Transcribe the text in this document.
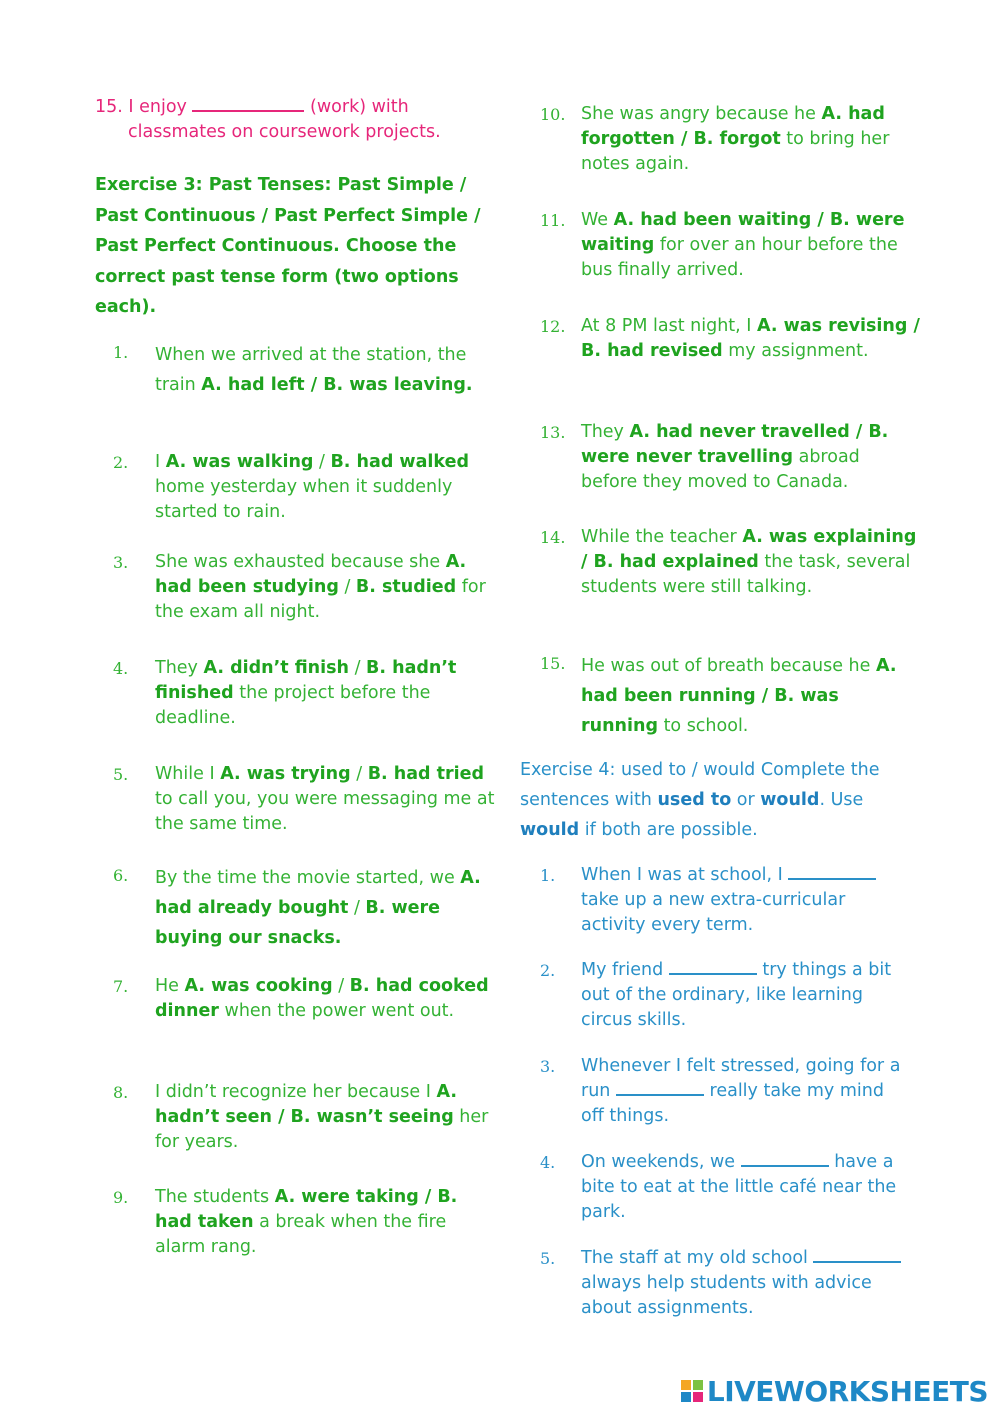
15. I enjoy	(work) with
classmates on coursework projects.
Exercise 3: Past Tenses: Past Simple / Past Continuous / Past Perfect Simple / Past Perfect Continuous. Choose the correct past tense form (two options each).
1. When we arrived at the station, the train A. had left / B. was leaving.
2. I A. was walking / B. had walked home yesterday when it suddenly started to rain.
3. She was exhausted because she A. had been studying / B. studied for the exam all night.
4. They A. didn’t finish / B. hadn’t finished the project before the deadline.
5. While I A. was trying / B. had tried to call you, you were messaging me at the same time.
6. By the time the movie started, we A. had already bought / B. were buying our snacks.
7. He A. was cooking / B. had cooked dinner when the power went out.
8. I didn’t recognize her because I A. hadn’t seen / B. wasn’t seeing her for years.
9. The students A. were taking / B. had taken a break when the fire alarm rang.
10. She was angry because he A. had forgotten / B. forgot to bring her notes again.
11. We A. had been waiting / B. were waiting for over an hour before the bus finally arrived.
12. At 8 PM last night, I A. was revising / B. had revised my assignment.
13. They A. had never travelled / B. were never travelling abroad before they moved to Canada.
14. While the teacher A. was explaining / B. had explained the task, several students were still talking.
15. He was out of breath because he A. had been running / B. was running to school.
Exercise 4: used to / would Complete the sentences with used to or would. Use would if both are possible.
1. When I was at school, I  take up a new extra-curricular activity every term.
2. My friend	try things a bit out of the ordinary, like learning circus skills.
3. Whenever I felt stressed, going for a run	really take my mind off things.
4. On weekends, we	have a bite to eat at the little café near the park.
5. The staff at my old school  always help students with advice about assignments.
LIVEWORKSHEETS
